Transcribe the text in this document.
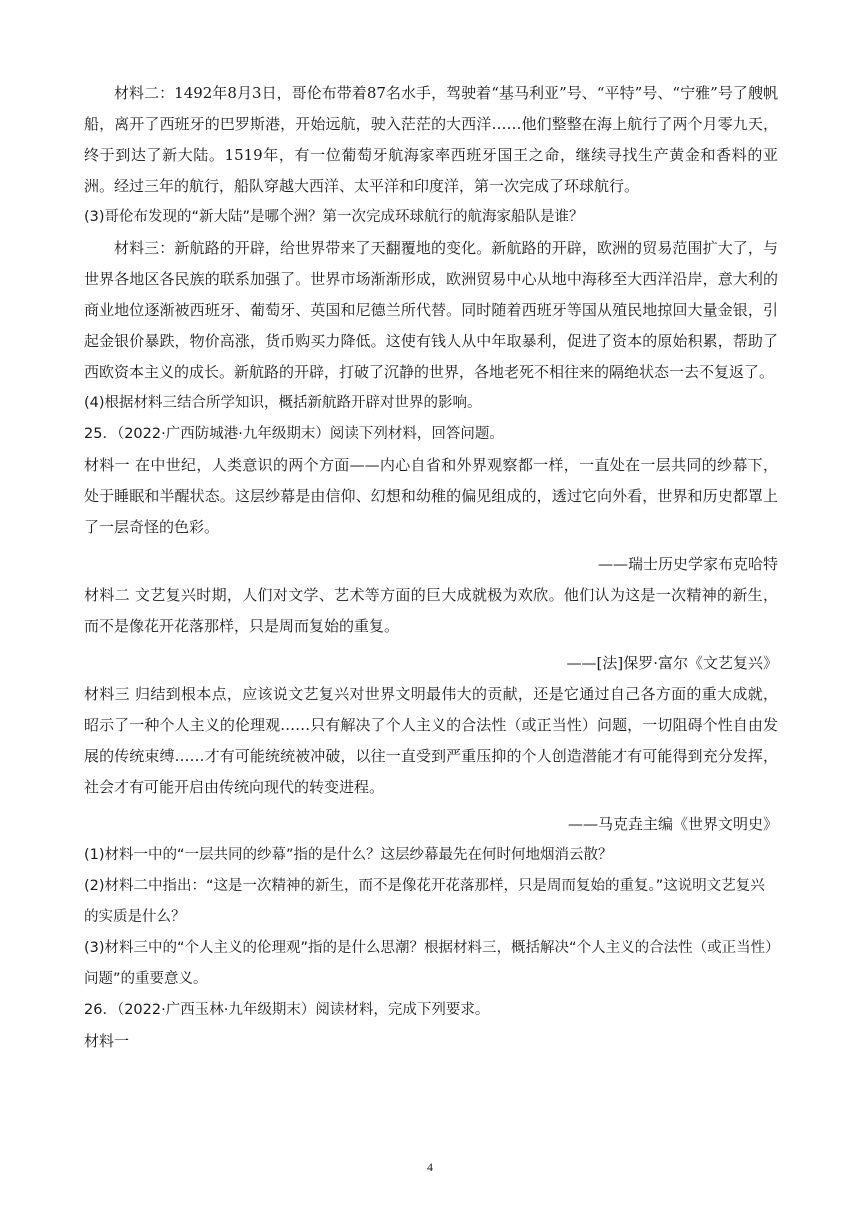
材料二：1492年8月3日，哥伦布带着87名水手，驾驶着“基马利亚”号、“平特”号、“宁雅”号了艘帆船，离开了西班牙的巴罗斯港，开始远航，驶入茫茫的大西洋……他们整整在海上航行了两个月零九天，终于到达了新大陆。1519年，有一位葡萄牙航海家率西班牙国王之命，继续寻找生产黄金和香料的亚洲。经过三年的航行，船队穿越大西洋、太平洋和印度洋，第一次完成了环球航行。

(3)哥伦布发现的“新大陆”是哪个洲？第一次完成环球航行的航海家船队是谁？

材料三：新航路的开辟，给世界带来了天翻覆地的变化。新航路的开辟，欧洲的贸易范围扩大了，与世界各地区各民族的联系加强了。世界市场渐渐形成，欧洲贸易中心从地中海移至大西洋沿岸，意大利的商业地位逐渐被西班牙、葡萄牙、英国和尼德兰所代替。同时随着西班牙等国从殖民地掠回大量金银，引起金银价暴跌，物价高涨，货币购买力降低。这使有钱人从中年取暴利，促进了资本的原始积累，帮助了西欧资本主义的成长。新航路的开辟，打破了沉静的世界，各地老死不相往来的隔绝状态一去不复返了。

(4)根据材料三结合所学知识，概括新航路开辟对世界的影响。

25．（2022·广西防城港·九年级期末）阅读下列材料，回答问题。

材料一 在中世纪，人类意识的两个方面——内心自省和外界观察都一样，一直处在一层共同的纱幕下，处于睡眠和半醒状态。这层纱幕是由信仰、幻想和幼稚的偏见组成的，透过它向外看，世界和历史都罩上了一层奇怪的色彩。

——瑞士历史学家布克哈特

材料二 文艺复兴时期，人们对文学、艺术等方面的巨大成就极为欢欣。他们认为这是一次精神的新生，而不是像花开花落那样，只是周而复始的重复。

——[法]保罗·富尔《文艺复兴》

材料三 归结到根本点，应该说文艺复兴对世界文明最伟大的贡献，还是它通过自己各方面的重大成就，昭示了一种个人主义的伦理观……只有解决了个人主义的合法性（或正当性）问题，一切阻碍个性自由发展的传统束缚……才有可能统统被冲破，以往一直受到严重压抑的个人创造潜能才有可能得到充分发挥，社会才有可能开启由传统向现代的转变进程。

——马克垚主编《世界文明史》

(1)材料一中的“一层共同的纱幕”指的是什么？这层纱幕最先在何时何地烟消云散？

(2)材料二中指出：“这是一次精神的新生，而不是像花开花落那样，只是周而复始的重复。”这说明文艺复兴的实质是什么？

(3)材料三中的“个人主义的伦理观”指的是什么思潮？根据材料三，概括解决“个人主义的合法性（或正当性）问题”的重要意义。

26．（2022·广西玉林·九年级期末）阅读材料，完成下列要求。

材料一

4
